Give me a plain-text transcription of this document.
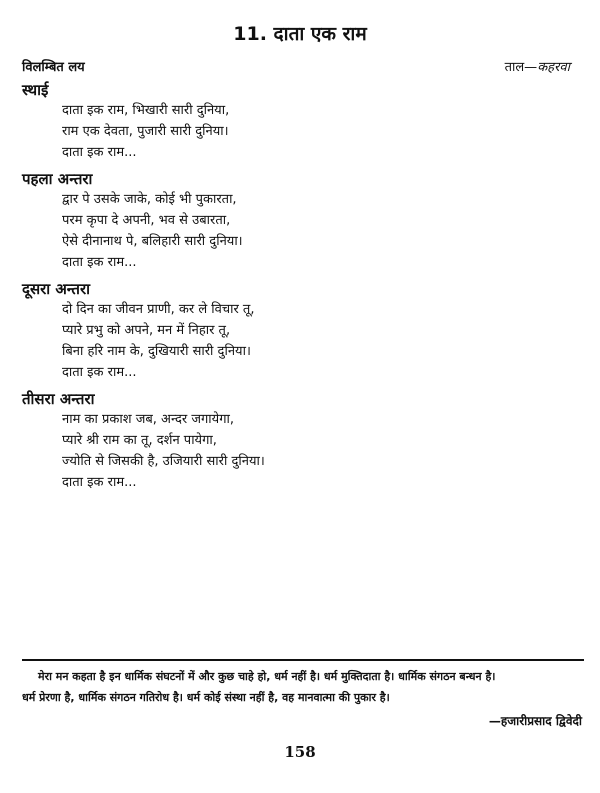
11. दाता एक राम
विलम्बित लय	ताल—कहरवा
स्थाई
दाता इक राम, भिखारी सारी दुनिया,
राम एक देवता, पुजारी सारी दुनिया।
दाता इक राम...
पहला अन्तरा
द्वार पे उसके जाके, कोई भी पुकारता,
परम कृपा दे अपनी, भव से उबारता,
ऐसे दीनानाथ पे, बलिहारी सारी दुनिया।
दाता इक राम...
दूसरा अन्तरा
दो दिन का जीवन प्राणी, कर ले विचार तू,
प्यारे प्रभु को अपने, मन में निहार तू,
बिना हरि नाम के, दुखियारी सारी दुनिया।
दाता इक राम...
तीसरा अन्तरा
नाम का प्रकाश जब, अन्दर जगायेगा,
प्यारे श्री राम का तू, दर्शन पायेगा,
ज्योति से जिसकी है, उजियारी सारी दुनिया।
दाता इक राम...
मेरा मन कहता है इन धार्मिक संघटनों में और कुछ चाहे हो, धर्म नहीं है। धर्म मुक्तिदाता है। धार्मिक संगठन बन्धन है।
धर्म प्रेरणा है, धार्मिक संगठन गतिरोध है। धर्म कोई संस्था नहीं है, वह मानवात्मा की पुकार है।
—हजारीप्रसाद द्विवेदी
158
